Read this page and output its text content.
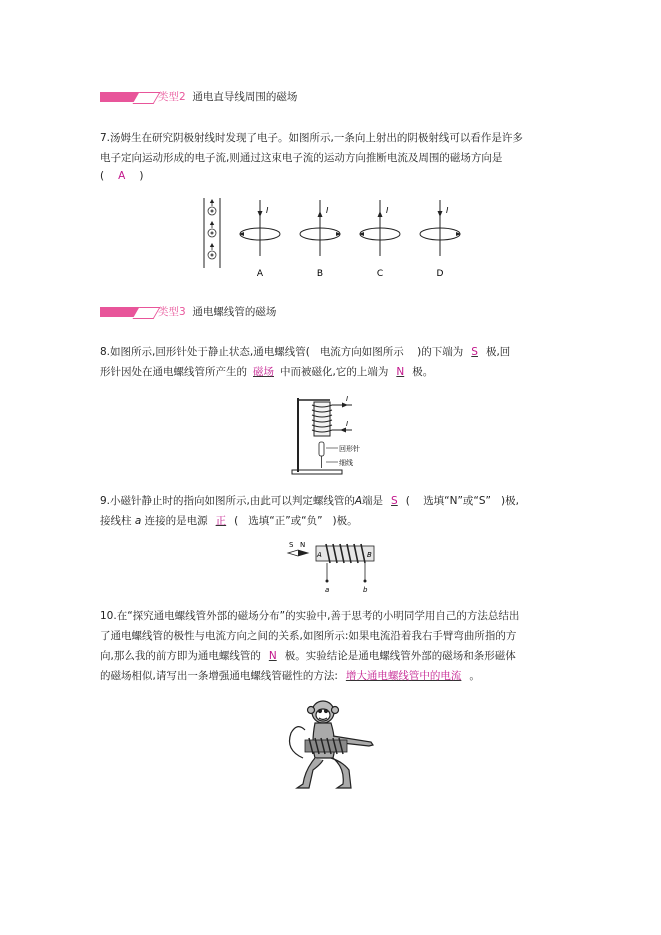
类型2 通电直导线周围的磁场
7.汤姆生在研究阴极射线时发现了电子。如图所示,一条向上射出的阴极射线可以看作是许多
电子定向运动形成的电子流,则通过这束电子流的运动方向推断电流及周围的磁场方向是
( A )
I	I	I	I
A	B	C	D
类型3 通电螺线管的磁场
8.如图所示,回形针处于静止状态,通电螺线管( 电流方向如图所示 )的下端为 S 极,回
形针因处在通电螺线管所产生的 磁场 中而被磁化,它的上端为 N 极。
I
I
回形针
细线
9.小磁针静止时的指向如图所示,由此可以判定螺线管的A端是 S ( 选填“N”或“S” )极,
接线柱 a 连接的是电源 正 ( 选填“正”或“负” )极。
S N
A	B
a	b
10.在“探究通电螺线管外部的磁场分布”的实验中,善于思考的小明同学用自己的方法总结出
了通电螺线管的极性与电流方向之间的关系,如图所示:如果电流沿着我右手臂弯曲所指的方
向,那么我的前方即为通电螺线管的 N 极。实验结论是通电螺线管外部的磁场和条形磁体
的磁场相似,请写出一条增强通电螺线管磁性的方法: 增大通电螺线管中的电流 。
